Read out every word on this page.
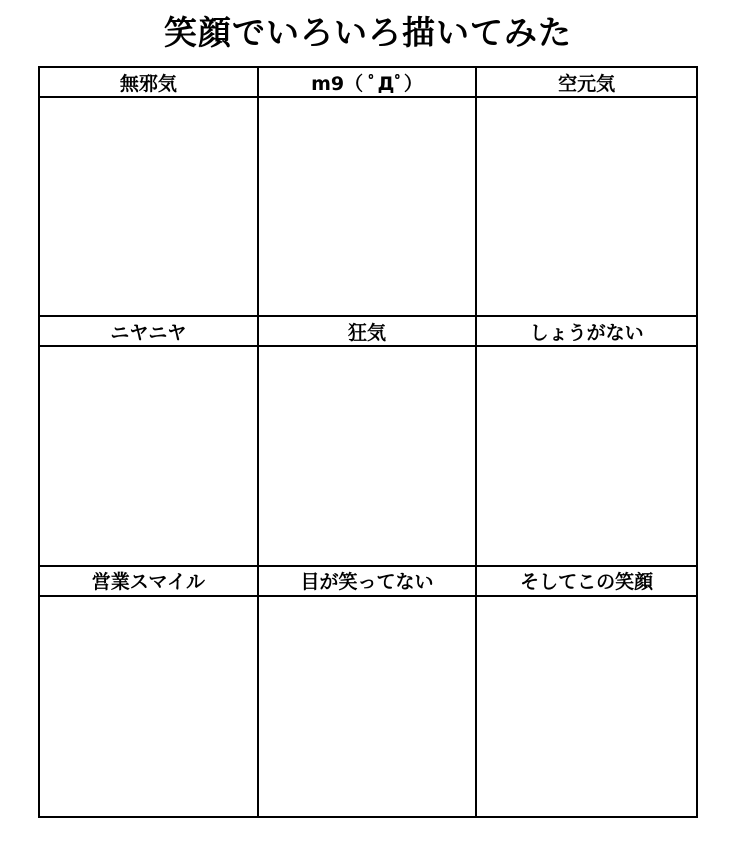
笑顔でいろいろ描いてみた
無邪気	m9（ ﾟДﾟ）	空元気
ニヤニヤ	狂気	しょうがない
営業スマイル	目が笑ってない	そしてこの笑顔
